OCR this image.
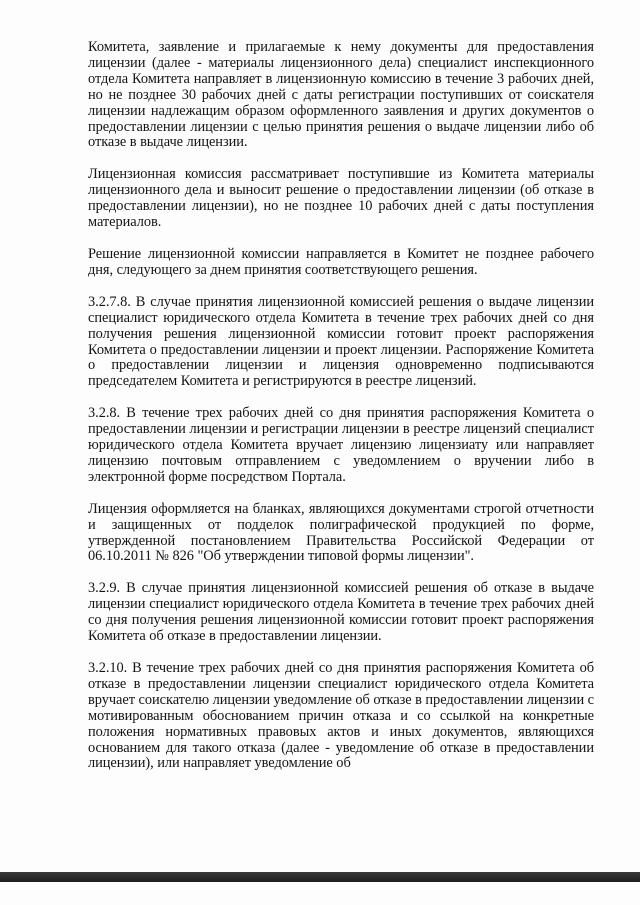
Комитета, заявление и прилагаемые к нему документы для предоставления лицензии (далее - материалы лицензионного дела) специалист инспекционного отдела Комитета направляет в лицензионную комиссию в течение 3 рабочих дней, но не позднее 30 рабочих дней с даты регистрации поступивших от соискателя лицензии надлежащим образом оформленного заявления и других документов о предоставлении лицензии с целью принятия решения о выдаче лицензии либо об отказе в выдаче лицензии.

Лицензионная комиссия рассматривает поступившие из Комитета материалы лицензионного дела и выносит решение о предоставлении лицензии (об отказе в предоставлении лицензии), но не позднее 10 рабочих дней с даты поступления материалов.

Решение лицензионной комиссии направляется в Комитет не позднее рабочего дня, следующего за днем принятия соответствующего решения.

3.2.7.8. В случае принятия лицензионной комиссией решения о выдаче лицензии специалист юридического отдела Комитета в течение трех рабочих дней со дня получения решения лицензионной комиссии готовит проект распоряжения Комитета о предоставлении лицензии и проект лицензии. Распоряжение Комитета о предоставлении лицензии и лицензия одновременно подписываются председателем Комитета и регистрируются в реестре лицензий.

3.2.8. В течение трех рабочих дней со дня принятия распоряжения Комитета о предоставлении лицензии и регистрации лицензии в реестре лицензий специалист юридического отдела Комитета вручает лицензию лицензиату или направляет лицензию почтовым отправлением с уведомлением о вручении либо в электронной форме посредством Портала.

Лицензия оформляется на бланках, являющихся документами строгой отчетности и защищенных от подделок полиграфической продукцией по форме, утвержденной постановлением Правительства Российской Федерации от 06.10.2011 № 826 "Об утверждении типовой формы лицензии".

3.2.9. В случае принятия лицензионной комиссией решения об отказе в выдаче лицензии специалист юридического отдела Комитета в течение трех рабочих дней со дня получения решения лицензионной комиссии готовит проект распоряжения Комитета об отказе в предоставлении лицензии.

3.2.10. В течение трех рабочих дней со дня принятия распоряжения Комитета об отказе в предоставлении лицензии специалист юридического отдела Комитета вручает соискателю лицензии уведомление об отказе в предоставлении лицензии с мотивированным обоснованием причин отказа и со ссылкой на конкретные положения нормативных правовых актов и иных документов, являющихся основанием для такого отказа (далее - уведомление об отказе в предоставлении лицензии), или направляет уведомление об
